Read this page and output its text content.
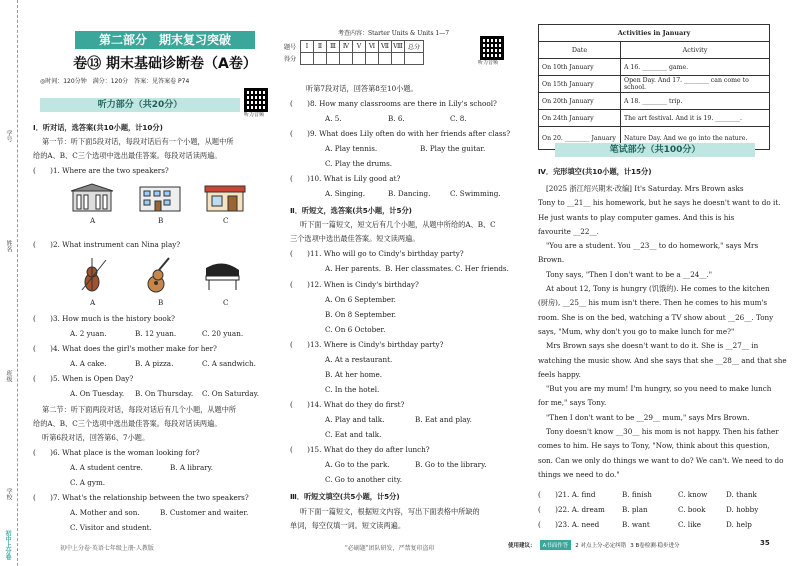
学号
姓名
班级
学校
初中上分卷
第二部分　期末复习突破
卷⑬ 期末基础诊断卷（A卷）
◎时间：120分钟　满分：120分　答案：见答案卷 P74
听力音频
听力部分（共20分）
Ⅰ．听对话，选答案(共10小题，计10分)
第一节：听下面5段对话，每段对话后有一个小题，从题中所
给的A、B、C三个选项中选出最佳答案。每段对话读两遍。
(　　)1. Where are the two speakers?
A	B	C
(　　)2. What instrument can Nina play?
A	B	C
(　　)3. How much is the history book?
A. 2 yuan.	B. 12 yuan.	C. 20 yuan.
(　　)4. What does the girl's mother make for her?
A. A cake.	B. A pizza.	C. A sandwich.
(　　)5. When is Open Day?
A. On Tuesday. B. On Thursday. C. On Saturday.
第二节：听下面两段对话，每段对话后有几个小题，从题中所
给的A、B、C三个选项中选出最佳答案。每段对话读两遍。
听第6段对话，回答第6、7小题。
(　　)6. What place is the woman looking for?
A. A student centre.	B. A library.
C. A gym.
(　　)7. What's the relationship between the two speakers?
A. Mother and son.	B. Customer and waiter.
C. Visitor and student.
初中上分卷·英语七年级上册·人教版
考查内容：Starter Units & Units 1—7
题号	Ⅰ	Ⅱ	Ⅲ	Ⅳ	Ⅴ	Ⅵ	Ⅶ	Ⅷ	总分
得分										听力音频
听第7段对话，回答第8至10小题。
(　　)8. How many classrooms are there in Lily's school?
A. 5.	B. 6.	C. 8.
(　　)9. What does Lily often do with her friends after class?
A. Play tennis.	B. Play the guitar.
C. Play the drums.
(　　)10. What is Lily good at?
A. Singing.	B. Dancing.	C. Swimming.
Ⅱ．听短文，选答案(共5小题，计5分)
听下面一篇短文，短文后有几个小题，从题中所给的A、B、C
三个选项中选出最佳答案。短文读两遍。
(　　)11. Who will go to Cindy's birthday party?
A. Her parents. B. Her classmates. C. Her friends.
(　　)12. When is Cindy's birthday?
A. On 6 September.
B. On 8 September.
C. On 6 October.
(　　)13. Where is Cindy's birthday party?
A. At a restaurant.
B. At her home.
C. In the hotel.
(　　)14. What do they do first?
A. Play and talk.	B. Eat and play.
C. Eat and talk.
(　　)15. What do they do after lunch?
A. Go to the park.	B. Go to the library.
C. Go to another city.
Ⅲ．听短文填空(共5小题，计5分)
听下面一篇短文，根据短文内容，写出下面表格中所缺的
单词，每空仅填一词。短文读两遍。
"必刷题"团队研发，严禁复印盗印
Activities in January	
Date	Activity
On 10th January	A 16. ________ game.
On 15th January	Open Day. And 17. ________ can come to school.
On 20th January	A 18. ________ trip.
On 24th January	The art festival. And it is 19. ________.
On 20. ________ January	Nature Day. And we go into the nature.
笔试部分（共100分）
Ⅳ．完形填空(共10小题，计15分)
[2025 浙江绍兴期末·改编] It's Saturday. Mrs Brown asks
Tony to __21__ his homework, but he says he doesn't want to do it.
He just wants to play computer games. And this is his
favourite __22__.
"You are a student. You __23__ to do homework," says Mrs
Brown.
Tony says, "Then I don't want to be a __24__."
At about 12, Tony is hungry (饥饿的). He comes to the kitchen
(厨房), __25__ his mum isn't there. Then he comes to his mum's
room. She is on the bed, watching a TV show about __26__. Tony
says, "Mum, why don't you go to make lunch for me?"
Mrs Brown says she doesn't want to do it. She is __27__ in
watching the music show. And she says that she __28__ and that she
feels happy.
"But you are my mum! I'm hungry, so you need to make lunch
for me," says Tony.
"Then I don't want to be __29__ mum," says Mrs Brown.
Tony doesn't know __30__ his mom is not happy. Then his father
comes to him. He says to Tony, "Now, think about this question,
son. Can we only do things we want to do? We can't. We need to do
things we need to do."
(　　)21. A. find	B. finish	C. know	D. thank
(　　)22. A. dream B. plan	C. book	D. hobby
(　　)23. A. need	B. want	C. like	D. help
使用建议：	A书面作答	2 对点上分·必定纠错 3 B卷检测·稳步进分	35
